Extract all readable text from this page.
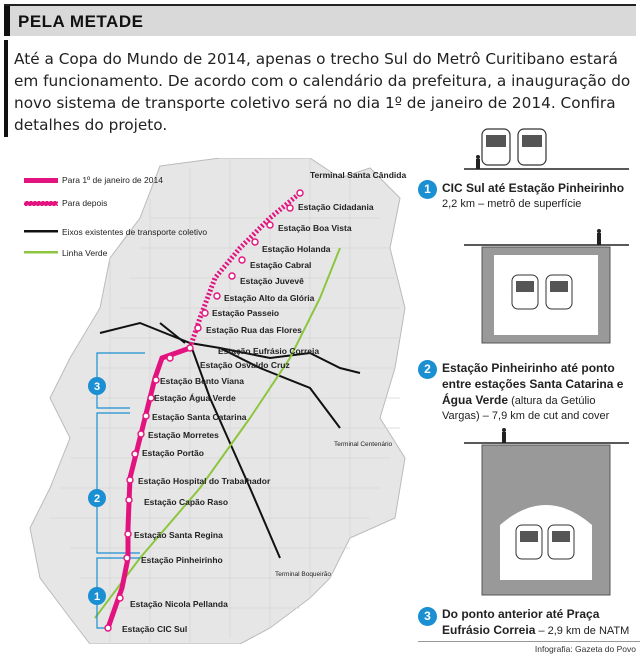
PELA METADE
Até a Copa do Mundo de 2014, apenas o trecho Sul do Metrô Curitibano estará em funcionamento. De acordo com o calendário da prefeitura, a inauguração do novo sistema de transporte coletivo será no dia 1º de janeiro de 2014. Confira detalhes do projeto.
Para 1º de janeiro de 2014
Para depois
Eixos existentes de transporte coletivo
Linha Verde
Terminal Santa Cândida
Estação Cidadania
Estação Boa Vista
Estação Holanda
Estação Cabral
Estação Juvevê
Estação Alto da Glória
Estação Passeio
Estação Rua das Flores
Estação Eufrásio Correia
Estação Osvaldo Cruz
Estação Bento Viana
Estação Água Verde
Estação Santa Catarina
Estação Morretes
Estação Portão
Estação Hospital do Trabalhador
Estação Capão Raso
Estação Santa Regina
Estação Pinheirinho
Estação Nicola Pellanda
Estação CIC Sul
Terminal Centenário
Terminal Boqueirão
3
2
1
1 CIC Sul até Estação Pinheirinho
2,2 km – metrô de superfície
2 Estação Pinheirinho até ponto entre estações Santa Catarina e Água Verde (altura da Getúlio Vargas) – 7,9 km de cut and cover
3 Do ponto anterior até Praça Eufrásio Correia – 2,9 km de NATM
Infografia: Gazeta do Povo
